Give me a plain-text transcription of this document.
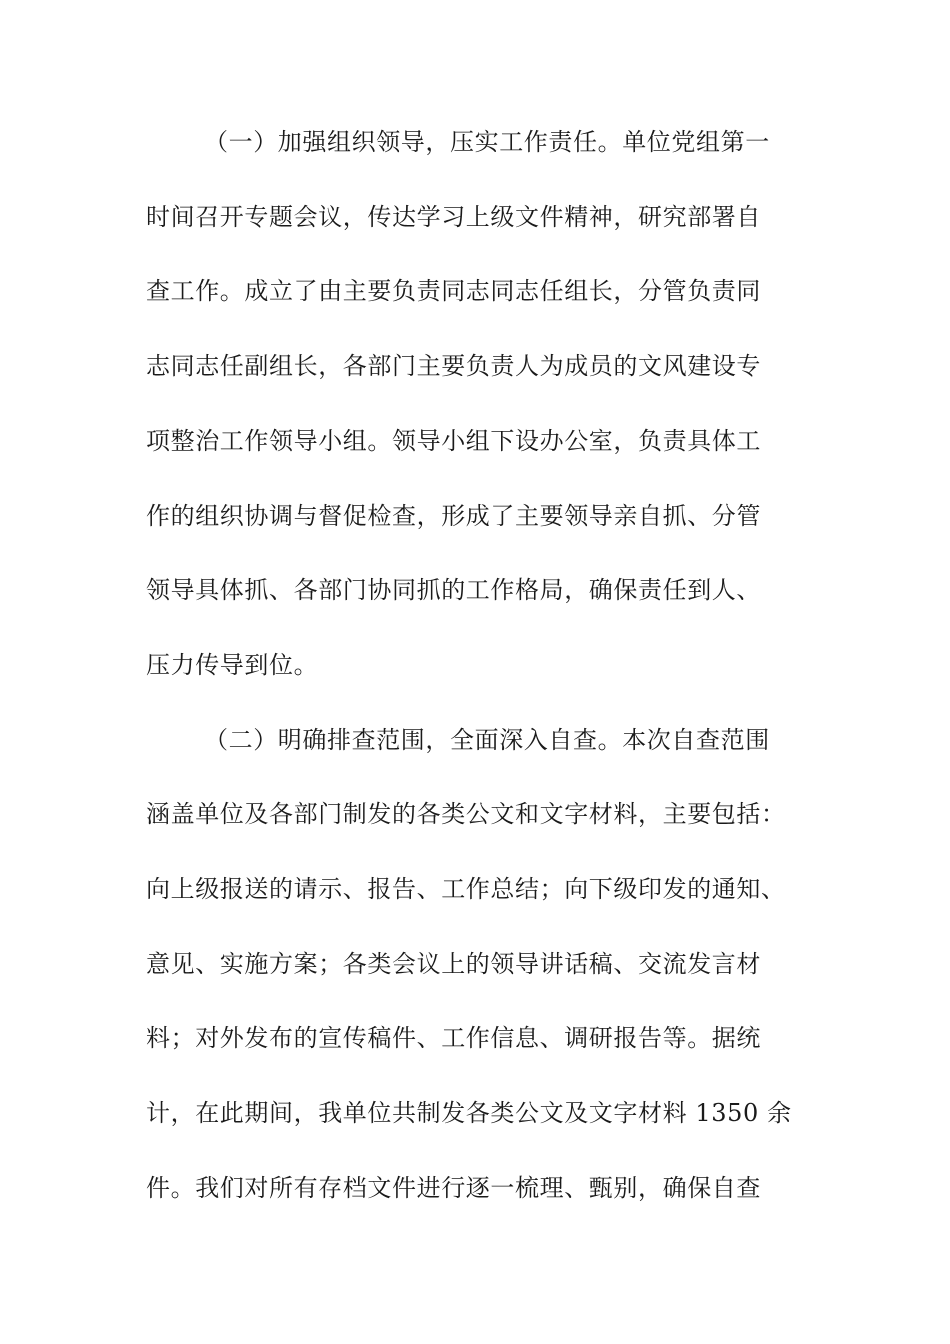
（一）加强组织领导，压实工作责任。单位党组第一
时间召开专题会议，传达学习上级文件精神，研究部署自
查工作。成立了由主要负责同志同志任组长，分管负责同
志同志任副组长，各部门主要负责人为成员的文风建设专
项整治工作领导小组。领导小组下设办公室，负责具体工
作的组织协调与督促检查，形成了主要领导亲自抓、分管
领导具体抓、各部门协同抓的工作格局，确保责任到人、
压力传导到位。
（二）明确排查范围，全面深入自查。本次自查范围
涵盖单位及各部门制发的各类公文和文字材料，主要包括：
向上级报送的请示、报告、工作总结；向下级印发的通知、
意见、实施方案；各类会议上的领导讲话稿、交流发言材
料；对外发布的宣传稿件、工作信息、调研报告等。据统
计，在此期间，我单位共制发各类公文及文字材料 1350 余
件。我们对所有存档文件进行逐一梳理、甄别，确保自查
